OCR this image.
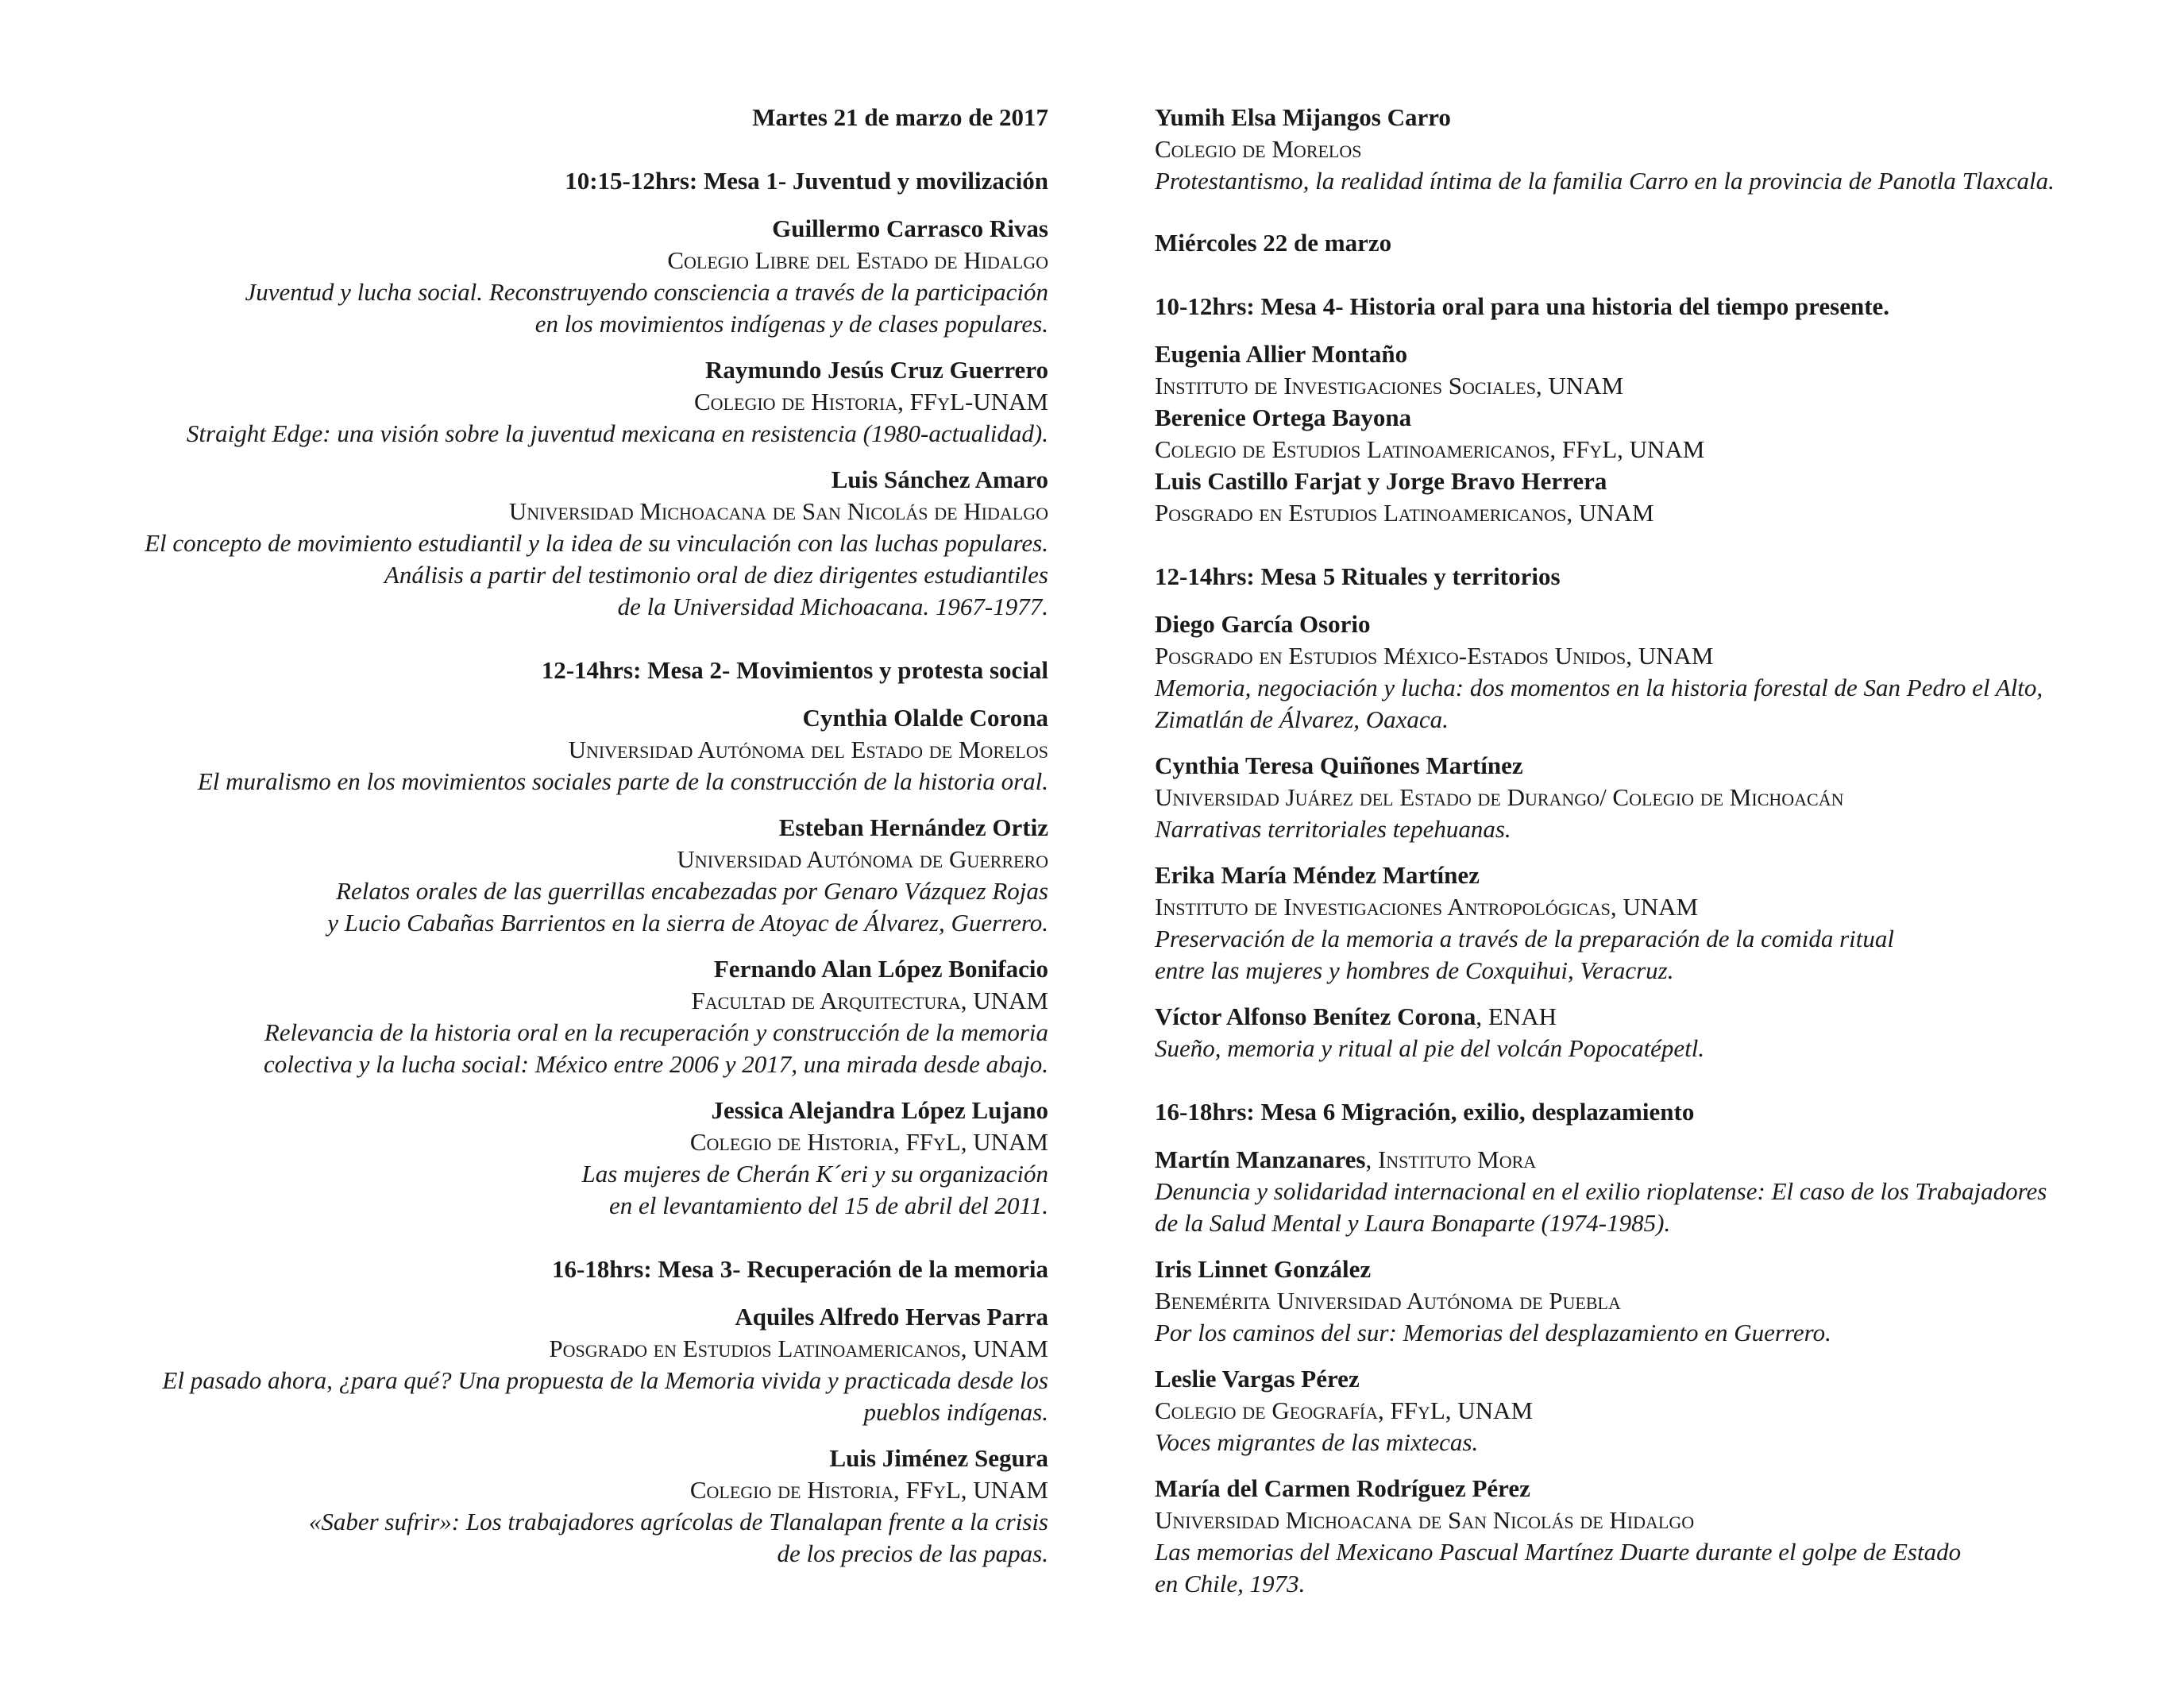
Martes 21 de marzo de 2017
10:15-12hrs: Mesa 1- Juventud y movilización
Guillermo Carrasco Rivas
Colegio Libre del Estado de Hidalgo
Juventud y lucha social. Reconstruyendo consciencia a través de la participación
en los movimientos indígenas y de clases populares.
Raymundo Jesús Cruz Guerrero
Colegio de Historia, FFyL-UNAM
Straight Edge: una visión sobre la juventud mexicana en resistencia (1980-actualidad).
Luis Sánchez Amaro
Universidad Michoacana de San Nicolás de Hidalgo
El concepto de movimiento estudiantil y la idea de su vinculación con las luchas populares.
Análisis a partir del testimonio oral de diez dirigentes estudiantiles
de la Universidad Michoacana. 1967-1977.
12-14hrs: Mesa 2- Movimientos y protesta social
Cynthia Olalde Corona
Universidad Autónoma del Estado de Morelos
El muralismo en los movimientos sociales parte de la construcción de la historia oral.
Esteban Hernández Ortiz
Universidad Autónoma de Guerrero
Relatos orales de las guerrillas encabezadas por Genaro Vázquez Rojas
y Lucio Cabañas Barrientos en la sierra de Atoyac de Álvarez, Guerrero.
Fernando Alan López Bonifacio
Facultad de Arquitectura, UNAM
Relevancia de la historia oral en la recuperación y construcción de la memoria
colectiva y la lucha social: México entre 2006 y 2017, una mirada desde abajo.
Jessica Alejandra López Lujano
Colegio de Historia, FFyL, UNAM
Las mujeres de Cherán K´eri y su organización
en el levantamiento del 15 de abril del 2011.
16-18hrs: Mesa 3- Recuperación de la memoria
Aquiles Alfredo Hervas Parra
Posgrado en Estudios Latinoamericanos, UNAM
El pasado ahora, ¿para qué? Una propuesta de la Memoria vivida y practicada desde los
pueblos indígenas.
Luis Jiménez Segura
Colegio de Historia, FFyL, UNAM
«Saber sufrir»: Los trabajadores agrícolas de Tlanalapan frente a la crisis
de los precios de las papas.
Yumih Elsa Mijangos Carro
Colegio de Morelos
Protestantismo, la realidad íntima de la familia Carro en la provincia de Panotla Tlaxcala.
Miércoles 22 de marzo
10-12hrs: Mesa 4- Historia oral para una historia del tiempo presente.
Eugenia Allier Montaño
Instituto de Investigaciones Sociales, UNAM
Berenice Ortega Bayona
Colegio de Estudios Latinoamericanos, FFyL, UNAM
Luis Castillo Farjat y Jorge Bravo Herrera
Posgrado en Estudios Latinoamericanos, UNAM
12-14hrs: Mesa 5 Rituales y territorios
Diego García Osorio
Posgrado en Estudios México-Estados Unidos, UNAM
Memoria, negociación y lucha: dos momentos en la historia forestal de San Pedro el Alto,
Zimatlán de Álvarez, Oaxaca.
Cynthia Teresa Quiñones Martínez
Universidad Juárez del Estado de Durango/ Colegio de Michoacán
Narrativas territoriales tepehuanas.
Erika María Méndez Martínez
Instituto de Investigaciones Antropológicas, UNAM
Preservación de la memoria a través de la preparación de la comida ritual
entre las mujeres y hombres de Coxquihui, Veracruz.
Víctor Alfonso Benítez Corona, ENAH
Sueño, memoria y ritual al pie del volcán Popocatépetl.
16-18hrs: Mesa 6 Migración, exilio, desplazamiento
Martín Manzanares, Instituto Mora
Denuncia y solidaridad internacional en el exilio rioplatense: El caso de los Trabajadores
de la Salud Mental y Laura Bonaparte (1974-1985).
Iris Linnet González
Benemérita Universidad Autónoma de Puebla
Por los caminos del sur: Memorias del desplazamiento en Guerrero.
Leslie Vargas Pérez
Colegio de Geografía, FFyL, UNAM
Voces migrantes de las mixtecas.
María del Carmen Rodríguez Pérez
Universidad Michoacana de San Nicolás de Hidalgo
Las memorias del Mexicano Pascual Martínez Duarte durante el golpe de Estado
en Chile, 1973.
